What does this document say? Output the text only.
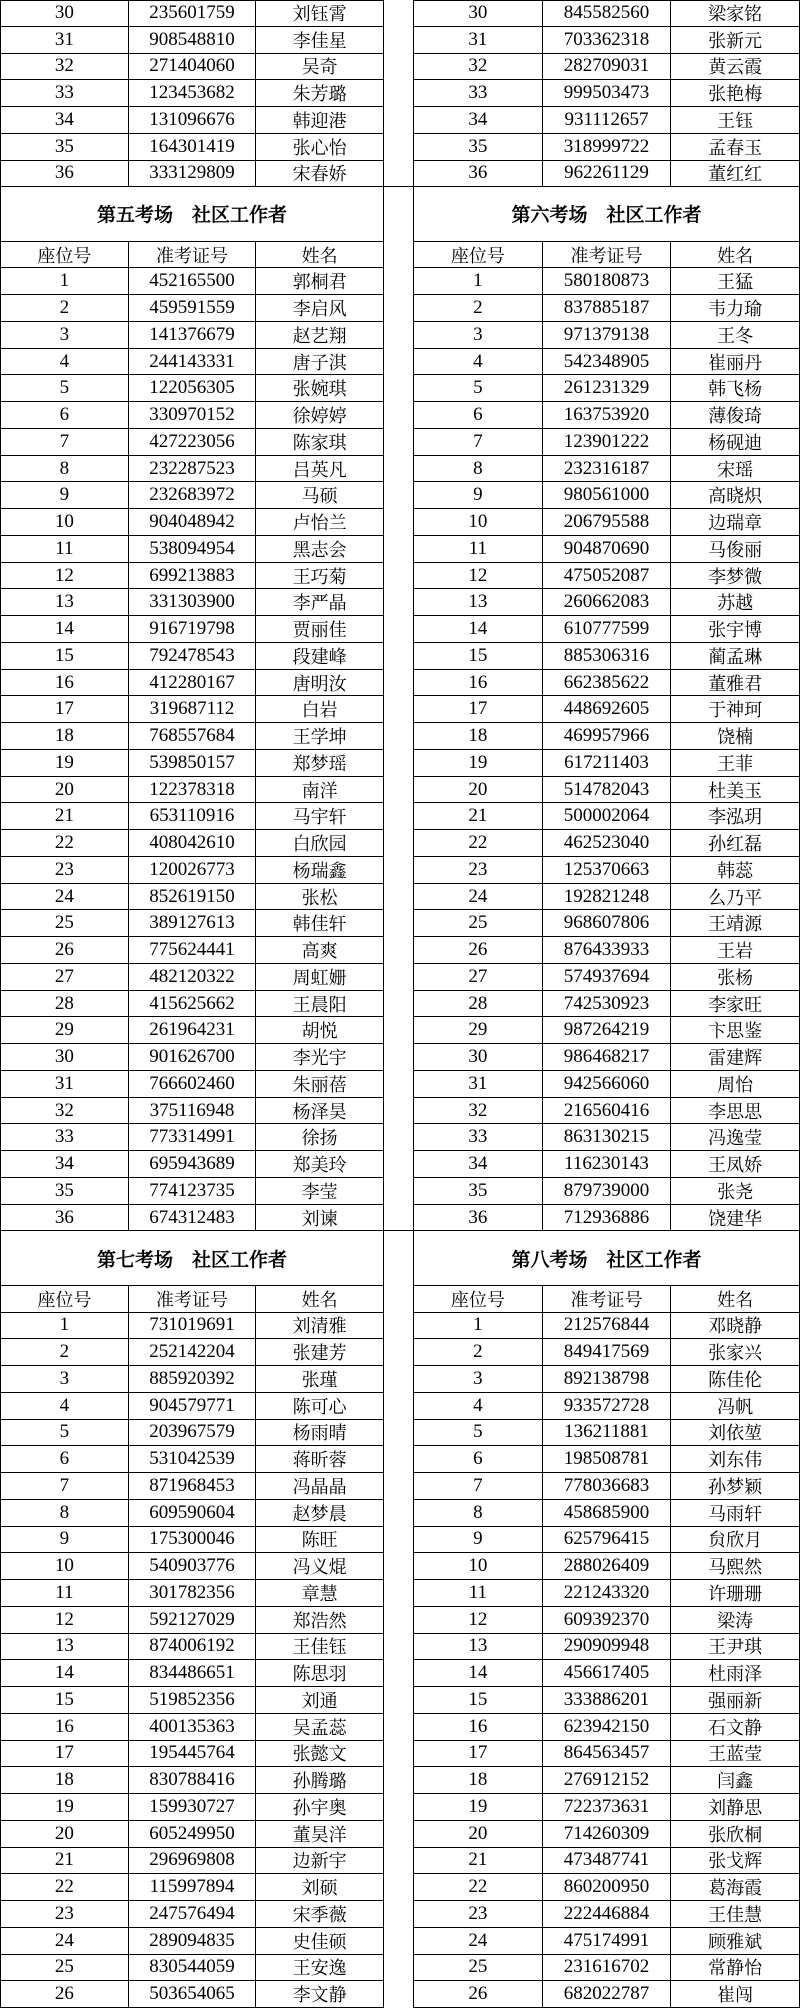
30	235601759	刘钰霄
31	908548810	李佳星
32	271404060	吴奇
33	123453682	朱芳璐
34	131096676	韩迎港
35	164301419	张心怡
36	333129809	宋春娇
30	845582560	梁家铭
31	703362318	张新元
32	282709031	黄云霞
33	999503473	张艳梅
34	931112657	王钰
35	318999722	孟春玉
36	962261129	董红红
第五考场　社区工作者
座位号	准考证号	姓名
1	452165500	郭桐君
2	459591559	李启风
3	141376679	赵艺翔
4	244143331	唐子淇
5	122056305	张婉琪
6	330970152	徐婷婷
7	427223056	陈家琪
8	232287523	吕英凡
9	232683972	马硕
10	904048942	卢怡兰
11	538094954	黑志会
12	699213883	王巧菊
13	331303900	李严晶
14	916719798	贾丽佳
15	792478543	段建峰
16	412280167	唐明汝
17	319687112	白岩
18	768557684	王学坤
19	539850157	郑梦瑶
20	122378318	南洋
21	653110916	马宇轩
22	408042610	白欣园
23	120026773	杨瑞鑫
24	852619150	张松
25	389127613	韩佳轩
26	775624441	高爽
27	482120322	周虹姗
28	415625662	王晨阳
29	261964231	胡悦
30	901626700	李光宇
31	766602460	朱丽蓓
32	375116948	杨泽昊
33	773314991	徐扬
34	695943689	郑美玲
35	774123735	李莹
36	674312483	刘谏
第六考场　社区工作者
座位号	准考证号	姓名
1	580180873	王猛
2	837885187	韦力瑜
3	971379138	王冬
4	542348905	崔丽丹
5	261231329	韩飞杨
6	163753920	薄俊琦
7	123901222	杨砚迪
8	232316187	宋瑶
9	980561000	高晓炽
10	206795588	边瑞章
11	904870690	马俊丽
12	475052087	李梦微
13	260662083	苏越
14	610777599	张宇博
15	885306316	蔺孟琳
16	662385622	董雅君
17	448692605	于神珂
18	469957966	饶楠
19	617211403	王菲
20	514782043	杜美玉
21	500002064	李泓玥
22	462523040	孙红磊
23	125370663	韩蕊
24	192821248	么乃平
25	968607806	王靖源
26	876433933	王岩
27	574937694	张杨
28	742530923	李家旺
29	987264219	卞思鉴
30	986468217	雷建辉
31	942566060	周怡
32	216560416	李思思
33	863130215	冯逸莹
34	116230143	王凤娇
35	879739000	张尧
36	712936886	饶建华
第七考场　社区工作者
座位号	准考证号	姓名
1	731019691	刘清雅
2	252142204	张建芳
3	885920392	张瑾
4	904579771	陈可心
5	203967579	杨雨晴
6	531042539	蒋昕蓉
7	871968453	冯晶晶
8	609590604	赵梦晨
9	175300046	陈旺
10	540903776	冯义焜
11	301782356	章慧
12	592127029	郑浩然
13	874006192	王佳钰
14	834486651	陈思羽
15	519852356	刘通
16	400135363	吴孟蕊
17	195445764	张懿文
18	830788416	孙腾璐
19	159930727	孙宇奥
20	605249950	董昊洋
21	296969808	边新宇
22	115997894	刘硕
23	247576494	宋季薇
24	289094835	史佳硕
25	830544059	王安逸
26	503654065	李文静
第八考场　社区工作者
座位号	准考证号	姓名
1	212576844	邓晓静
2	849417569	张家兴
3	892138798	陈佳伦
4	933572728	冯帆
5	136211881	刘依堃
6	198508781	刘东伟
7	778036683	孙梦颖
8	458685900	马雨轩
9	625796415	贠欣月
10	288026409	马熙然
11	221243320	许珊珊
12	609392370	梁涛
13	290909948	王尹琪
14	456617405	杜雨泽
15	333886201	强丽新
16	623942150	石文静
17	864563457	王蓝莹
18	276912152	闫鑫
19	722373631	刘静思
20	714260309	张欣桐
21	473487741	张戈辉
22	860200950	葛海霞
23	222446884	王佳慧
24	475174991	顾雅斌
25	231616702	常静怡
26	682022787	崔闯
